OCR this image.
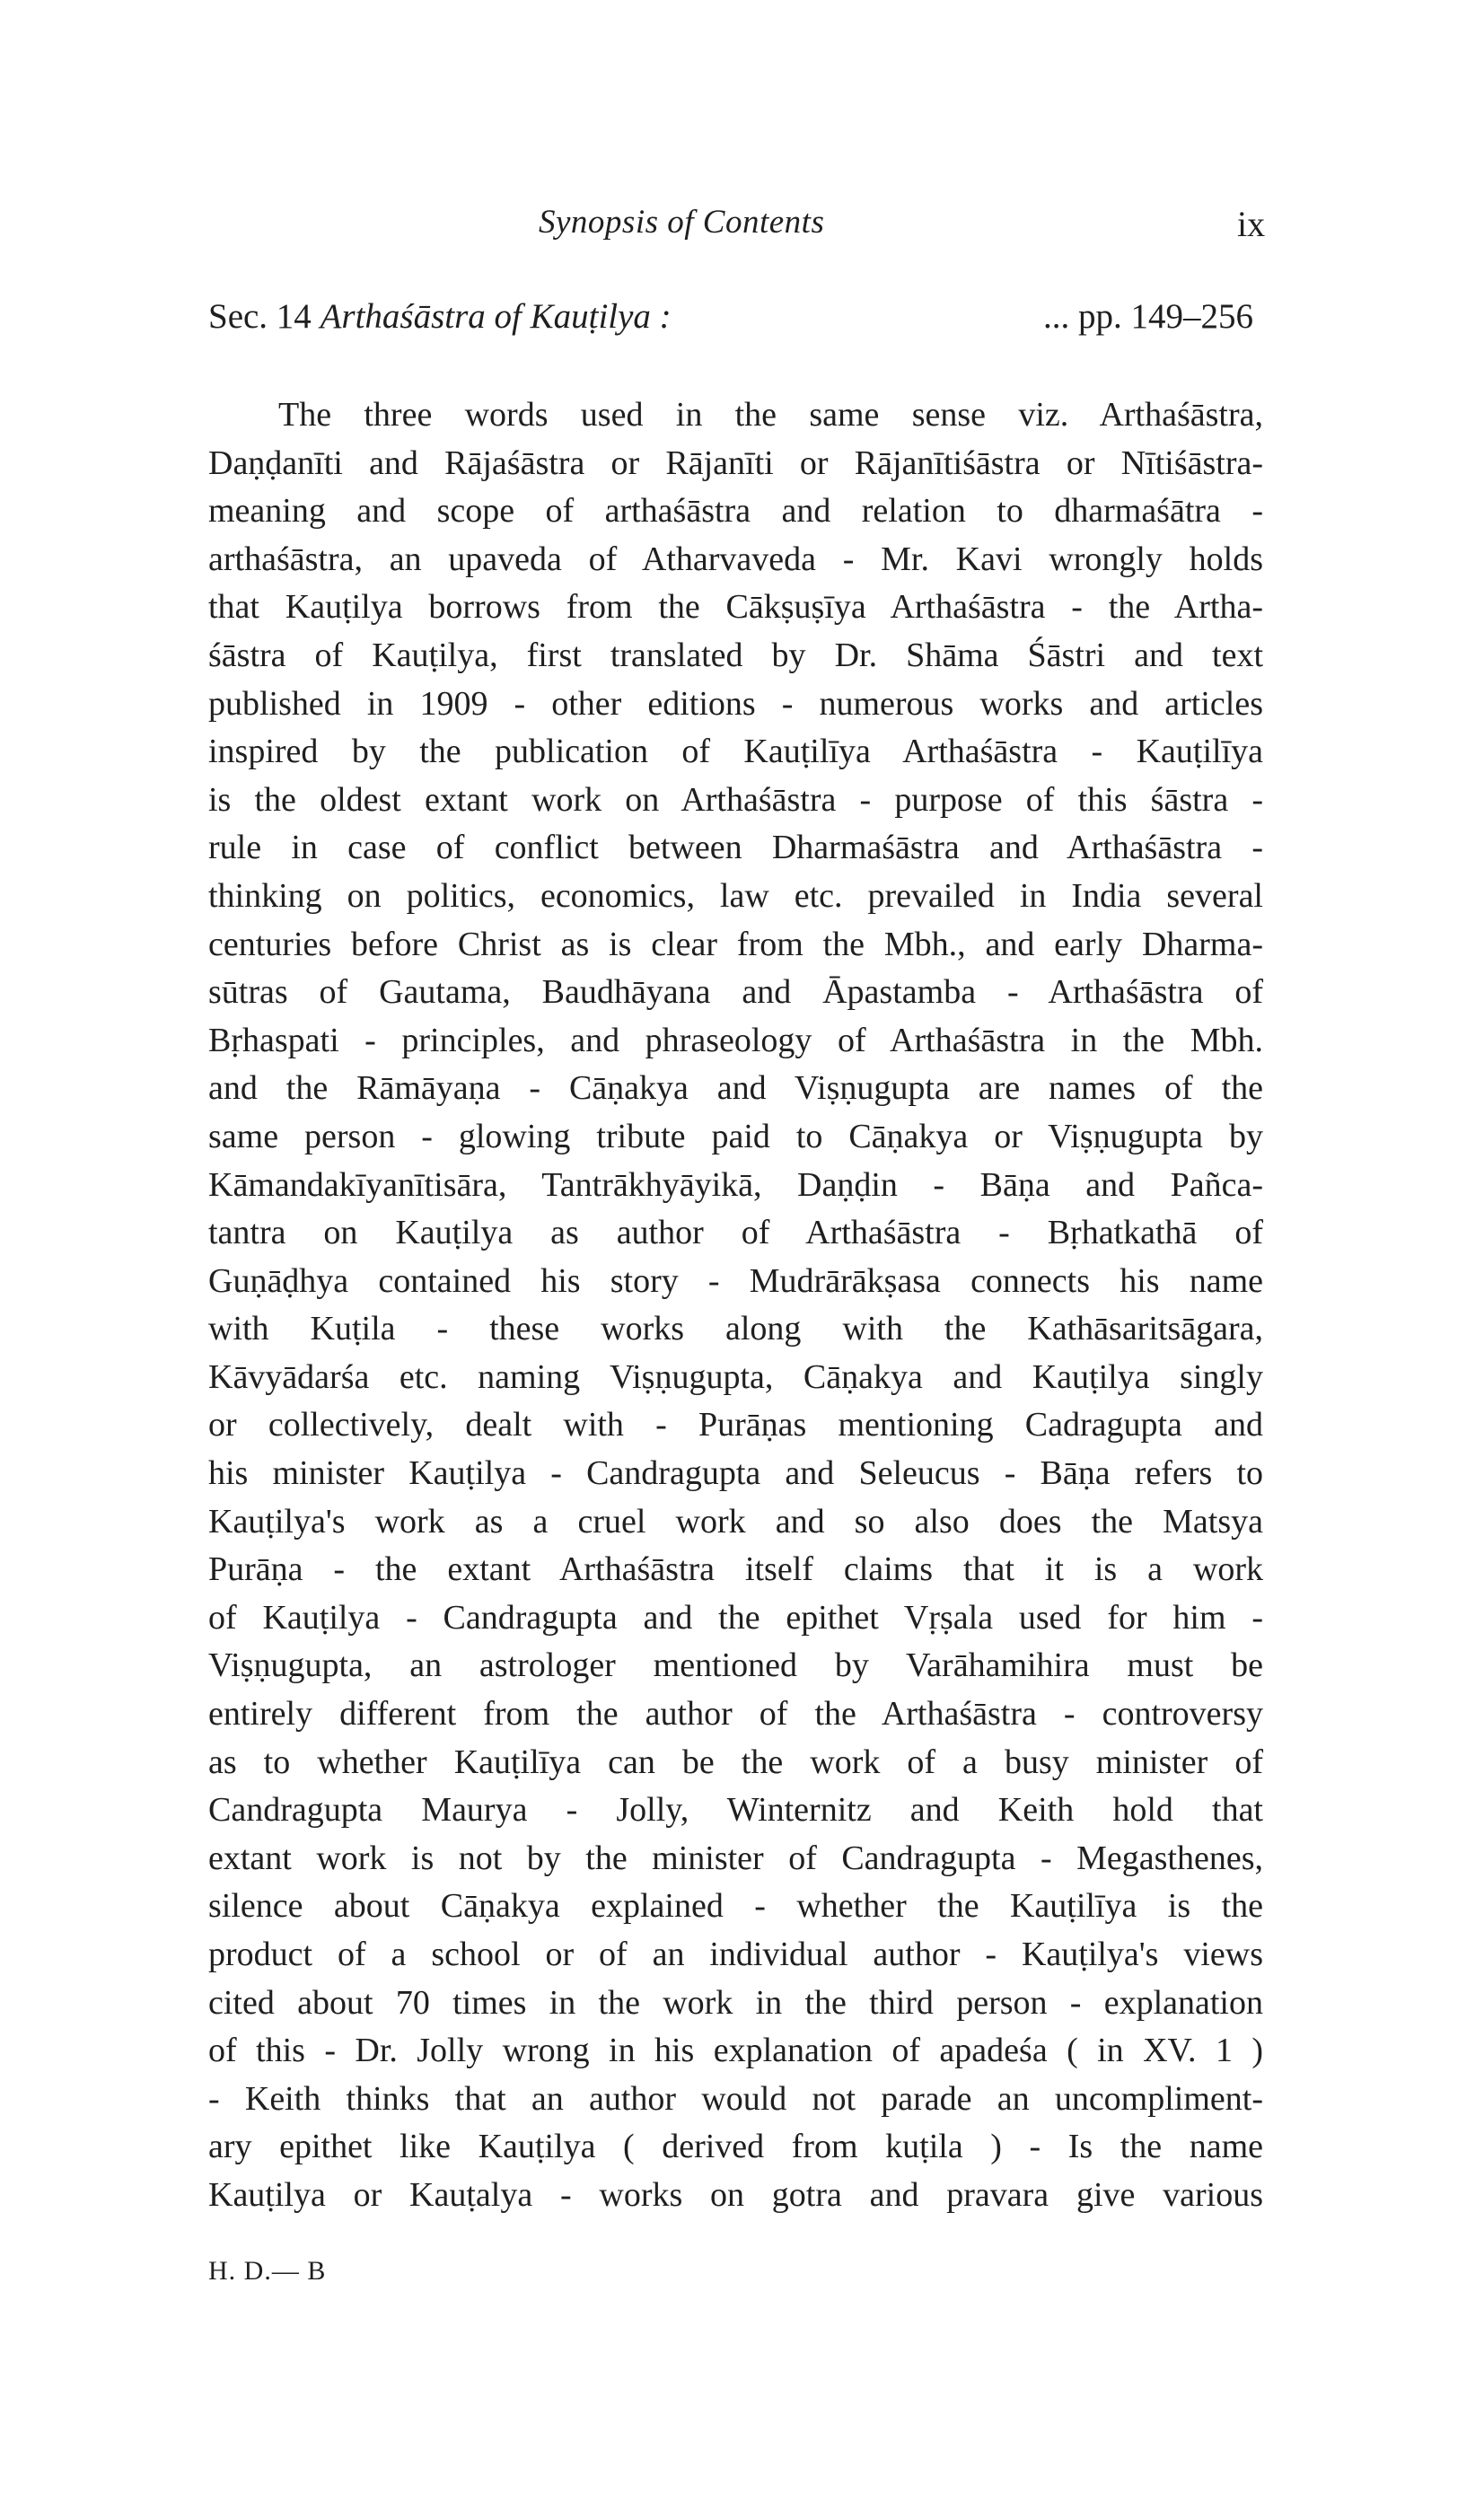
Synopsis of Contents	ix
Sec. 14 Arthaśāstra of Kauṭilya :	... pp. 149–256
The three words used in the same sense viz. Arthaśāstra,
Daṇḍanīti and Rājaśāstra or Rājanīti or Rājanītiśāstra or Nītiśāstra-
meaning and scope of arthaśāstra and relation to dharmaśātra -
arthaśāstra, an upaveda of Atharvaveda - Mr. Kavi wrongly holds
that Kauṭilya borrows from the Cākṣuṣīya Arthaśāstra - the Artha-
śāstra of Kauṭilya, first translated by Dr. Shāma Śāstri and text
published in 1909 - other editions - numerous works and articles
inspired by the publication of Kauṭilīya Arthaśāstra - Kauṭilīya
is the oldest extant work on Arthaśāstra - purpose of this śāstra -
rule in case of conflict between Dharmaśāstra and Arthaśāstra -
thinking on politics, economics, law etc. prevailed in India several
centuries before Christ as is clear from the Mbh., and early Dharma-
sūtras of Gautama, Baudhāyana and Āpastamba - Arthaśāstra of
Bṛhaspati - principles, and phraseology of Arthaśāstra in the Mbh.
and the Rāmāyaṇa - Cāṇakya and Viṣṇugupta are names of the
same person - glowing tribute paid to Cāṇakya or Viṣṇugupta by
Kāmandakīyanītisāra, Tantrākhyāyikā, Daṇḍin - Bāṇa and Pañca-
tantra on Kauṭilya as author of Arthaśāstra - Bṛhatkathā of
Guṇāḍhya contained his story - Mudrārākṣasa connects his name
with Kuṭila - these works along with the Kathāsaritsāgara,
Kāvyādarśa etc. naming Viṣṇugupta, Cāṇakya and Kauṭilya singly
or collectively, dealt with - Purāṇas mentioning Cadragupta and
his minister Kauṭilya - Candragupta and Seleucus - Bāṇa refers to
Kauṭilya's work as a cruel work and so also does the Matsya
Purāṇa - the extant Arthaśāstra itself claims that it is a work
of Kauṭilya - Candragupta and the epithet Vṛṣala used for him -
Viṣṇugupta, an astrologer mentioned by Varāhamihira must be
entirely different from the author of the Arthaśāstra - controversy
as to whether Kauṭilīya can be the work of a busy minister of
Candragupta Maurya - Jolly, Winternitz and Keith hold that
extant work is not by the minister of Candragupta - Megasthenes,
silence about Cāṇakya explained - whether the Kauṭilīya is the
product of a school or of an individual author - Kauṭilya's views
cited about 70 times in the work in the third person - explanation
of this - Dr. Jolly wrong in his explanation of apadeśa ( in XV. 1 )
- Keith thinks that an author would not parade an uncompliment-
ary epithet like Kauṭilya ( derived from kuṭila ) - Is the name
Kauṭilya or Kauṭalya - works on gotra and pravara give various
H. D.— B
